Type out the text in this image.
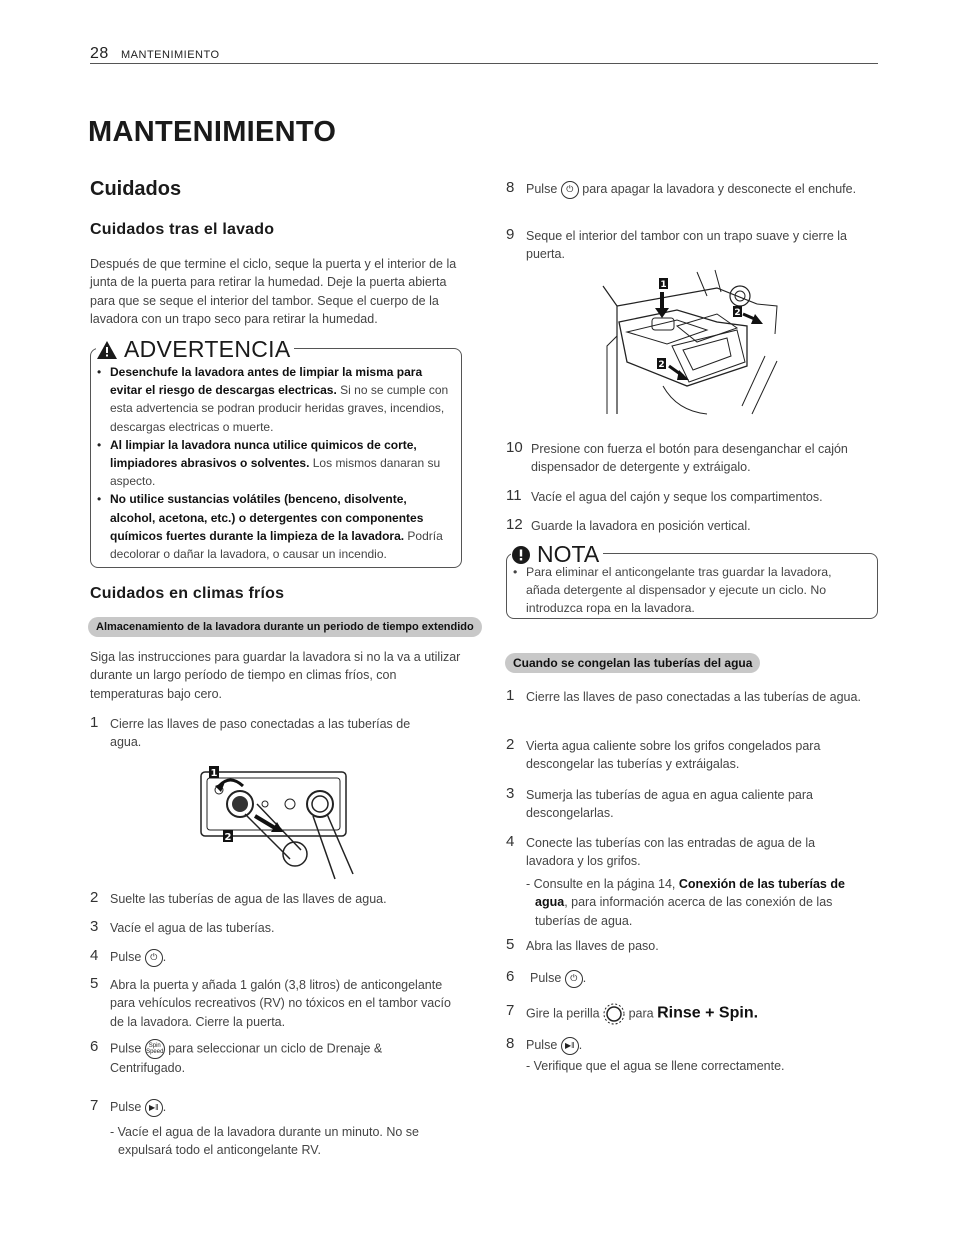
28 MANTENIMIENTO
MANTENIMIENTO
Cuidados
Cuidados tras el lavado
Después de que termine el ciclo, seque la puerta y el interior de la junta de la puerta para retirar la humedad. Deje la puerta abierta para que se seque el interior del tambor. Seque el cuerpo de la lavadora con un trapo seco para retirar la humedad.
ADVERTENCIA
• Desenchufe la lavadora antes de limpiar la misma para evitar el riesgo de descargas electricas. Si no se cumple con esta advertencia se podran producir heridas graves, incendios, descargas electricas o muerte.
• Al limpiar la lavadora nunca utilice quimicos de corte, limpiadores abrasivos o solventes. Los mismos danaran su aspecto.
• No utilice sustancias volátiles (benceno, disolvente, alcohol, acetona, etc.) o detergentes con componentes químicos fuertes durante la limpieza de la lavadora. Podría decolorar o dañar la lavadora, o causar un incendio.
Cuidados en climas fríos
Almacenamiento de la lavadora durante un periodo de tiempo extendido
Siga las instrucciones para guardar la lavadora si no la va a utilizar durante un largo período de tiempo en climas fríos, con temperaturas bajo cero.
1 Cierre las llaves de paso conectadas a las tuberías de agua.
1
2
2 Suelte las tuberías de agua de las llaves de agua.
3 Vacíe el agua de las tuberías.
4 Pulse ⏻ .
5 Abra la puerta y añada 1 galón (3,8 litros) de anticongelante para vehículos recreativos (RV) no tóxicos en el tambor vacío de la lavadora. Cierre la puerta.
6 Pulse Spin Speed para seleccionar un ciclo de Drenaje & Centrifugado.
7 Pulse ▶‖ .
- Vacíe el agua de la lavadora durante un minuto. No se expulsará todo el anticongelante RV.
8 Pulse ⏻ para apagar la lavadora y desconecte el enchufe.
9 Seque el interior del tambor con un trapo suave y cierre la puerta.
1
2
2
10 Presione con fuerza el botón para desenganchar el cajón dispensador de detergente y extráigalo.
11 Vacíe el agua del cajón y seque los compartimentos.
12 Guarde la lavadora en posición vertical.
NOTA
• Para eliminar el anticongelante tras guardar la lavadora, añada detergente al dispensador y ejecute un ciclo. No introduzca ropa en la lavadora.
Cuando se congelan las tuberías del agua
1 Cierre las llaves de paso conectadas a las tuberías de agua.
2 Vierta agua caliente sobre los grifos congelados para descongelar las tuberías y extráigalas.
3 Sumerja las tuberías de agua en agua caliente para descongelarlas.
4 Conecte las tuberías con las entradas de agua de la lavadora y los grifos.
- Consulte en la página 14, Conexión de las tuberías de agua, para información acerca de las conexión de las tuberías de agua.
5 Abra las llaves de paso.
6 Pulse ⏻ .
7 Gire la perilla para Rinse + Spin.
8 Pulse ▶‖ .
- Verifique que el agua se llene correctamente.
